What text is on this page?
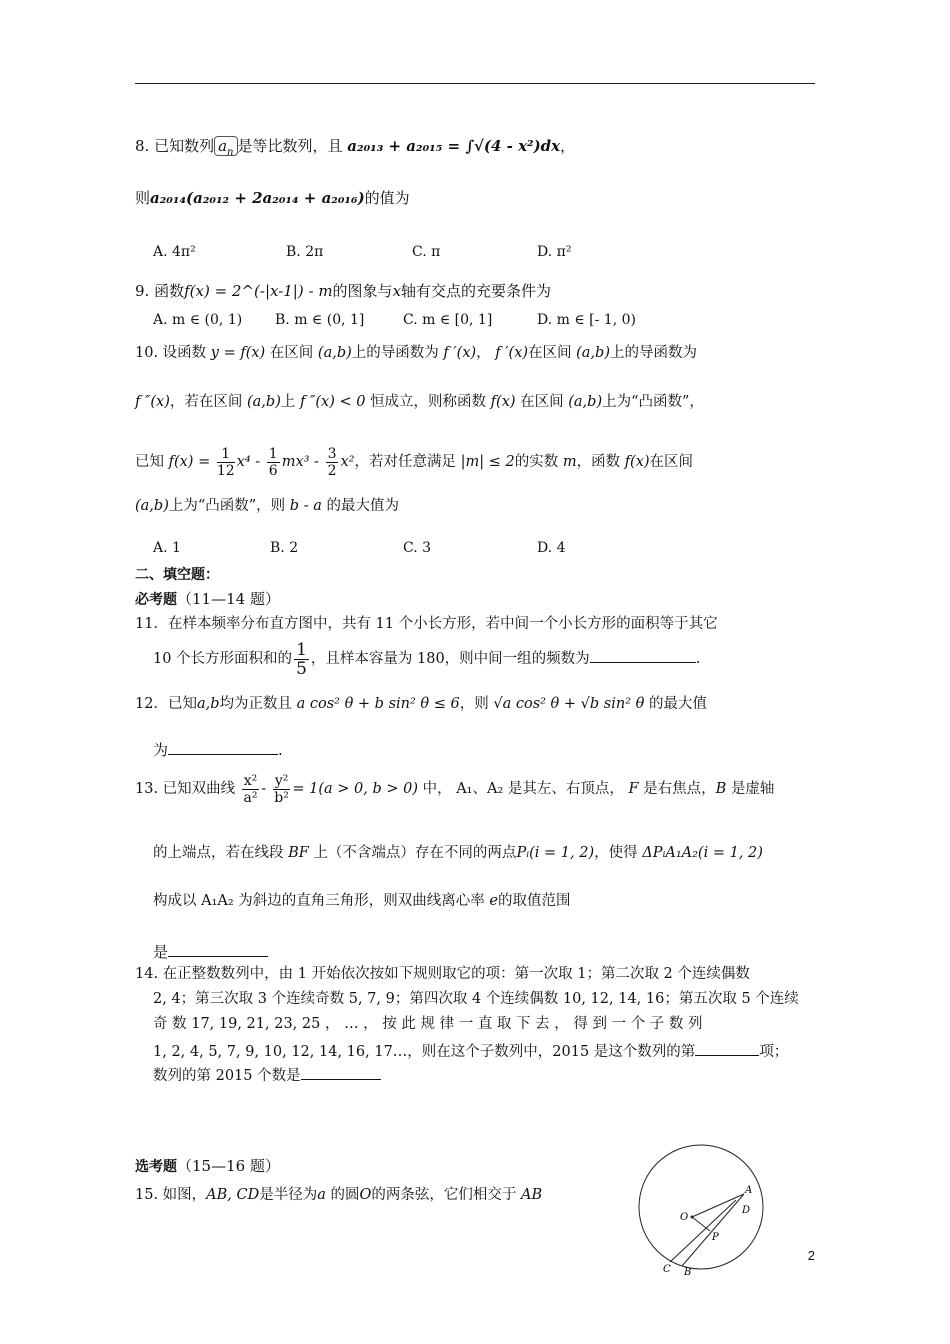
8. 已知数列 $a_n$ 是等比数列，且 a₂₀₁₃ + a₂₀₁₅ = ∫√(4 - x²)dx，
则a₂₀₁₄(a₂₀₁₂ + 2a₂₀₁₄ + a₂₀₁₆)的值为
A. 4π²	B. 2π	C. π	D. π²
9. 函数f(x) = 2^(-|x-1|) - m的图象与x轴有交点的充要条件为
A. m ∈ (0, 1) B. m ∈ (0, 1]	C. m ∈ [0, 1]	D. m ∈ [- 1, 0)
10. 设函数 y = f(x) 在区间 (a,b)上的导函数为 f ′(x)， f ′(x)在区间 (a,b)上的导函数为
f ″(x)，若在区间 (a,b)上 f ″(x) < 0 恒成立，则称函数 f(x) 在区间 (a,b)上为“凸函数”，
已知 $f(x) = \frac{1}{12} x^4 - \frac{1}{6} mx^3 - \frac{3}{2} x^2$，若对任意满足 |m| ≤ 2的实数 m，函数 f(x)在区间
(a,b)上为“凸函数”，则 b - a 的最大值为
A. 1	B. 2	C. 3	D. 4
二、填空题：
必考题（11—14 题）
11．在样本频率分布直方图中，共有 11 个小长方形，若中间一个小长方形的面积等于其它
10 个长方形面积和的 $\frac{1}{5}$ ，且样本容量为 180，则中间一组的频数为	.
12．已知a,b均为正数且 a cos² θ + b sin² θ ≤ 6，则 √a cos² θ + √b sin² θ 的最大值
为	.
13. 已知双曲线 $\frac{\text{x²}}{\text{a²}} - \frac{\text{y²}}{\text{b²}} = 1(a > 0$, b > 0) 中， A₁、A₂ 是其左、右顶点， F 是右焦点，B 是虚轴
的上端点，若在线段 BF 上（不含端点）存在不同的两点Pᵢ(i = 1, 2)，使得 ΔPᵢA₁A₂(i = 1, 2)
构成以 A₁A₂ 为斜边的直角三角形，则双曲线离心率 e的取值范围
是
14. 在正整数数列中，由 1 开始依次按如下规则取它的项：第一次取 1；第二次取 2 个连续偶数
2, 4；第三次取 3 个连续奇数 5, 7, 9；第四次取 4 个连续偶数 10, 12, 14, 16；第五次取 5 个连续
奇 数 17, 19, 21, 23, 25 ， … ， 按 此 规 律 一 直 取 下 去 ， 得 到 一 个 子 数 列
1, 2, 4, 5, 7, 9, 10, 12, 14, 16, 17…，则在这个子数列中，2015 是这个数列的第	项；
数列的第 2015 个数是
选考题（15—16 题）
15. 如图，AB, CD是半径为a 的圆O的两条弦，它们相交于 AB	A
D
O
P
C B
2
